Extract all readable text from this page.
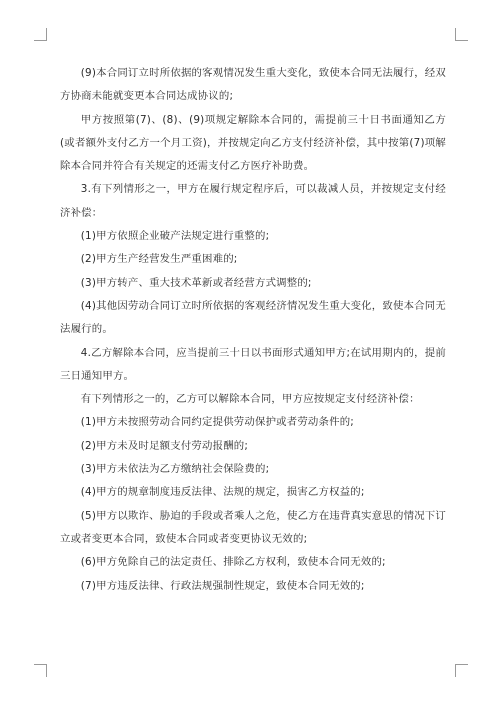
(9)本合同订立时所依据的客观情况发生重大变化，致使本合同无法履行，经双方协商未能就变更本合同达成协议的;

甲方按照第(7)、(8)、(9)项规定解除本合同的，需提前三十日书面通知乙方(或者额外支付乙方一个月工资)，并按规定向乙方支付经济补偿，其中按第(7)项解除本合同并符合有关规定的还需支付乙方医疗补助费。

3.有下列情形之一，甲方在履行规定程序后，可以裁减人员，并按规定支付经济补偿：

(1)甲方依照企业破产法规定进行重整的;

(2)甲方生产经营发生严重困难的;

(3)甲方转产、重大技术革新或者经营方式调整的;

(4)其他因劳动合同订立时所依据的客观经济情况发生重大变化，致使本合同无法履行的。

4.乙方解除本合同，应当提前三十日以书面形式通知甲方;在试用期内的，提前三日通知甲方。

有下列情形之一的，乙方可以解除本合同，甲方应按规定支付经济补偿：

(1)甲方未按照劳动合同约定提供劳动保护或者劳动条件的;

(2)甲方未及时足额支付劳动报酬的;

(3)甲方未依法为乙方缴纳社会保险费的;

(4)甲方的规章制度违反法律、法规的规定，损害乙方权益的;

(5)甲方以欺诈、胁迫的手段或者乘人之危，使乙方在违背真实意思的情况下订立或者变更本合同，致使本合同或者变更协议无效的;

(6)甲方免除自己的法定责任、排除乙方权利，致使本合同无效的;

(7)甲方违反法律、行政法规强制性规定，致使本合同无效的;
